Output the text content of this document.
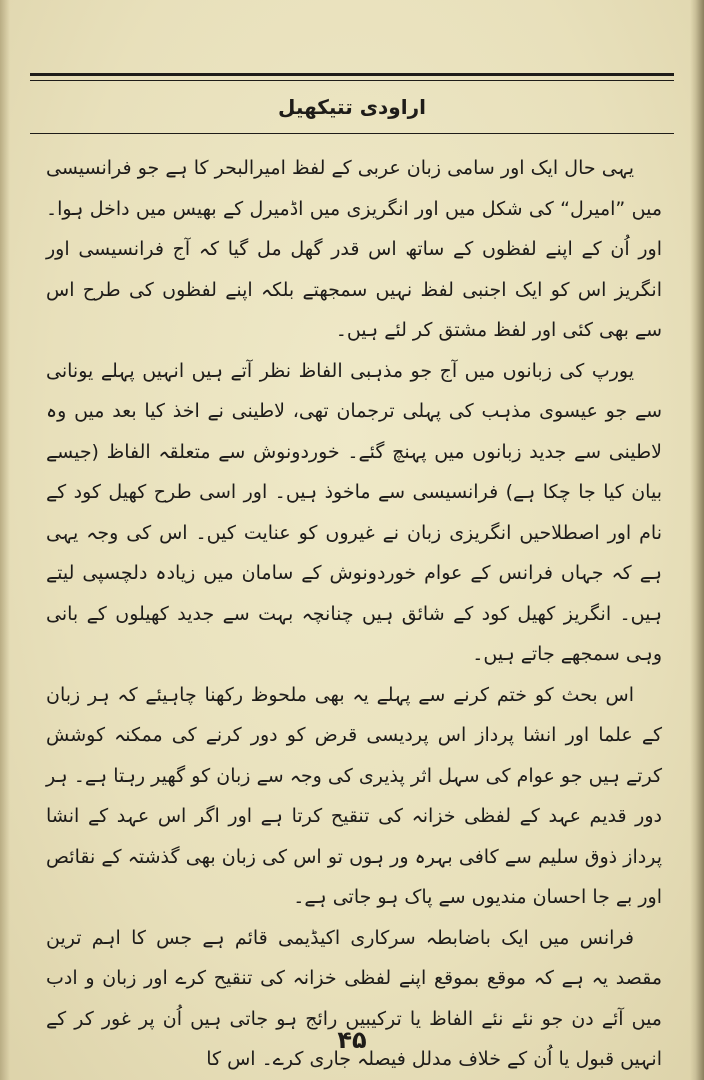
اراودی تتیکھیل

یہی حال ایک اور سامی زبان عربی کے لفظ امیرالبحر کا ہے جو فرانسیسی میں ”امیرل“ کی شکل میں اور انگریزی میں اڈمیرل کے بھیس میں داخل ہوا۔ اور اُن کے اپنے لفظوں کے ساتھ اس قدر گھل مل گیا کہ آج فرانسیسی اور انگریز اس کو ایک اجنبی لفظ نہیں سمجھتے بلکہ اپنے لفظوں کی طرح اس سے بھی کئی اور لفظ مشتق کر لئے ہیں۔

یورپ کی زبانوں میں آج جو مذہبی الفاظ نظر آتے ہیں انہیں پہلے یونانی سے جو عیسوی مذہب کی پہلی ترجمان تھی، لاطینی نے اخذ کیا بعد میں وہ لاطینی سے جدید زبانوں میں پہنچ گئے۔ خوردونوش سے متعلقہ الفاظ (جیسے بیان کیا جا چکا ہے) فرانسیسی سے ماخوذ ہیں۔ اور اسی طرح کھیل کود کے نام اور اصطلاحیں انگریزی زبان نے غیروں کو عنایت کیں۔ اس کی وجہ یہی ہے کہ جہاں فرانس کے عوام خوردونوش کے سامان میں زیادہ دلچسپی لیتے ہیں۔ انگریز کھیل کود کے شائق ہیں چنانچہ بہت سے جدید کھیلوں کے بانی وہی سمجھے جاتے ہیں۔

اس بحث کو ختم کرنے سے پہلے یہ بھی ملحوظ رکھنا چاہیئے کہ ہر زبان کے علما اور انشا پرداز اس پردیسی قرض کو دور کرنے کی ممکنہ کوشش کرتے ہیں جو عوام کی سہل اثر پذیری کی وجہ سے زبان کو گھیر رہتا ہے۔ ہر دور قدیم عہد کے لفظی خزانہ کی تنقیح کرتا ہے اور اگر اس عہد کے انشا پرداز ذوق سلیم سے کافی بہرہ ور ہوں تو اس کی زبان بھی گذشتہ کے نقائص اور بے جا احسان مندیوں سے پاک ہو جاتی ہے۔

فرانس میں ایک باضابطہ سرکاری اکیڈیمی قائم ہے جس کا اہم ترین مقصد یہ ہے کہ موقع بموقع اپنے لفظی خزانہ کی تنقیح کرے اور زبان و ادب میں آئے دن جو نئے نئے الفاظ یا ترکیبیں رائج ہو جاتی ہیں اُن پر غور کر کے انہیں قبول یا اُن کے خلاف مدلل فیصلہ جاری کرے۔ اس کا

۴۵
